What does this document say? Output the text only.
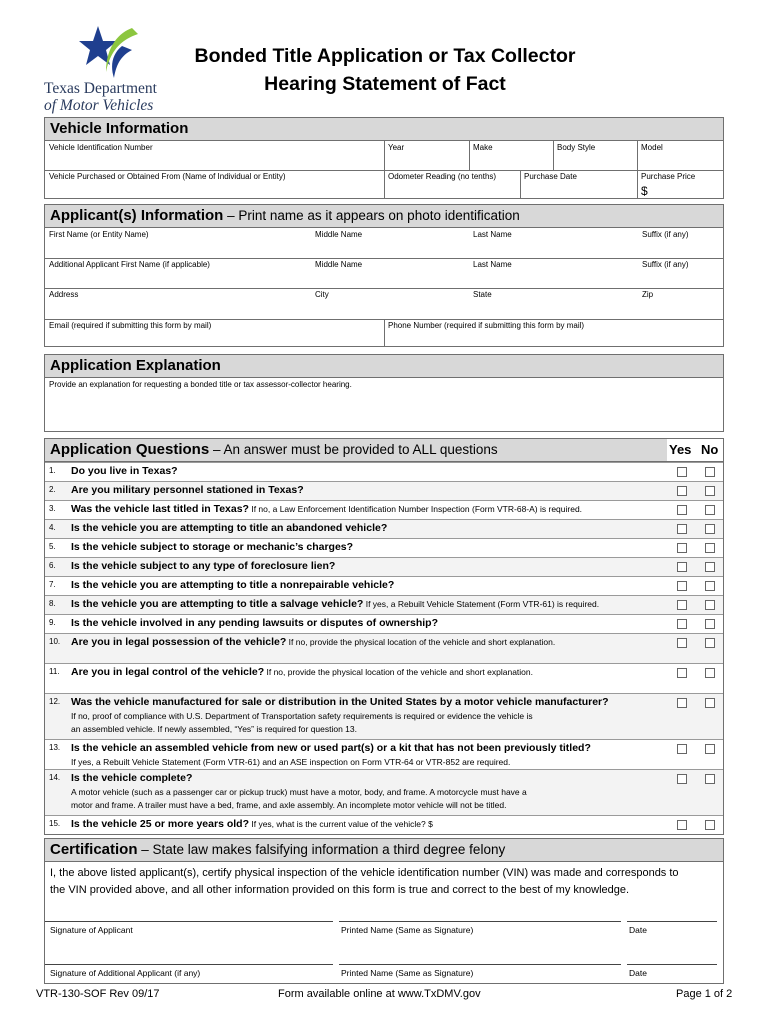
Texas Department
of Motor Vehicles
Bonded Title Application or Tax Collector
Hearing Statement of Fact
Vehicle Information
Vehicle Identification Number	Year	Make	Body Style	Model
Vehicle Purchased or Obtained From (Name of Individual or Entity)	Odometer Reading (no tenths)	Purchase Date	Purchase Price
$
Applicant(s) Information – Print name as it appears on photo identification
First Name (or Entity Name)	Middle Name	Last Name	Suffix (if any)
Additional Applicant First Name (if applicable)	Middle Name	Last Name	Suffix (if any)
Address	City	State	Zip
Email (required if submitting this form by mail)	Phone Number (required if submitting this form by mail)
Application Explanation
Provide an explanation for requesting a bonded title or tax assessor-collector hearing.
Application Questions – An answer must be provided to ALL questions	Yes No
1. Do you live in Texas?
2. Are you military personnel stationed in Texas?
3. Was the vehicle last titled in Texas? If no, a Law Enforcement Identification Number Inspection (Form VTR-68-A) is required.
4. Is the vehicle you are attempting to title an abandoned vehicle?
5. Is the vehicle subject to storage or mechanic’s charges?
6. Is the vehicle subject to any type of foreclosure lien?
7. Is the vehicle you are attempting to title a nonrepairable vehicle?
8. Is the vehicle you are attempting to title a salvage vehicle? If yes, a Rebuilt Vehicle Statement (Form VTR-61) is required.
9. Is the vehicle involved in any pending lawsuits or disputes of ownership?
10. Are you in legal possession of the vehicle? If no, provide the physical location of the vehicle and short explanation.
11. Are you in legal control of the vehicle? If no, provide the physical location of the vehicle and short explanation.
12. Was the vehicle manufactured for sale or distribution in the United States by a motor vehicle manufacturer?
If no, proof of compliance with U.S. Department of Transportation safety requirements is required or evidence the vehicle is
an assembled vehicle. If newly assembled, “Yes” is required for question 13.
13. Is the vehicle an assembled vehicle from new or used part(s) or a kit that has not been previously titled?
If yes, a Rebuilt Vehicle Statement (Form VTR-61) and an ASE inspection on Form VTR-64 or VTR-852 are required.
14. Is the vehicle complete?
A motor vehicle (such as a passenger car or pickup truck) must have a motor, body, and frame. A motorcycle must have a
motor and frame. A trailer must have a bed, frame, and axle assembly. An incomplete motor vehicle will not be titled.
15. Is the vehicle 25 or more years old? If yes, what is the current value of the vehicle? $
Certification – State law makes falsifying information a third degree felony
I, the above listed applicant(s), certify physical inspection of the vehicle identification number (VIN) was made and corresponds to
the VIN provided above, and all other information provided on this form is true and correct to the best of my knowledge.
Signature of Applicant	Printed Name (Same as Signature)	Date
Signature of Additional Applicant (if any)	Printed Name (Same as Signature)	Date
VTR-130-SOF Rev 09/17	Form available online at www.TxDMV.gov	Page 1 of 2
